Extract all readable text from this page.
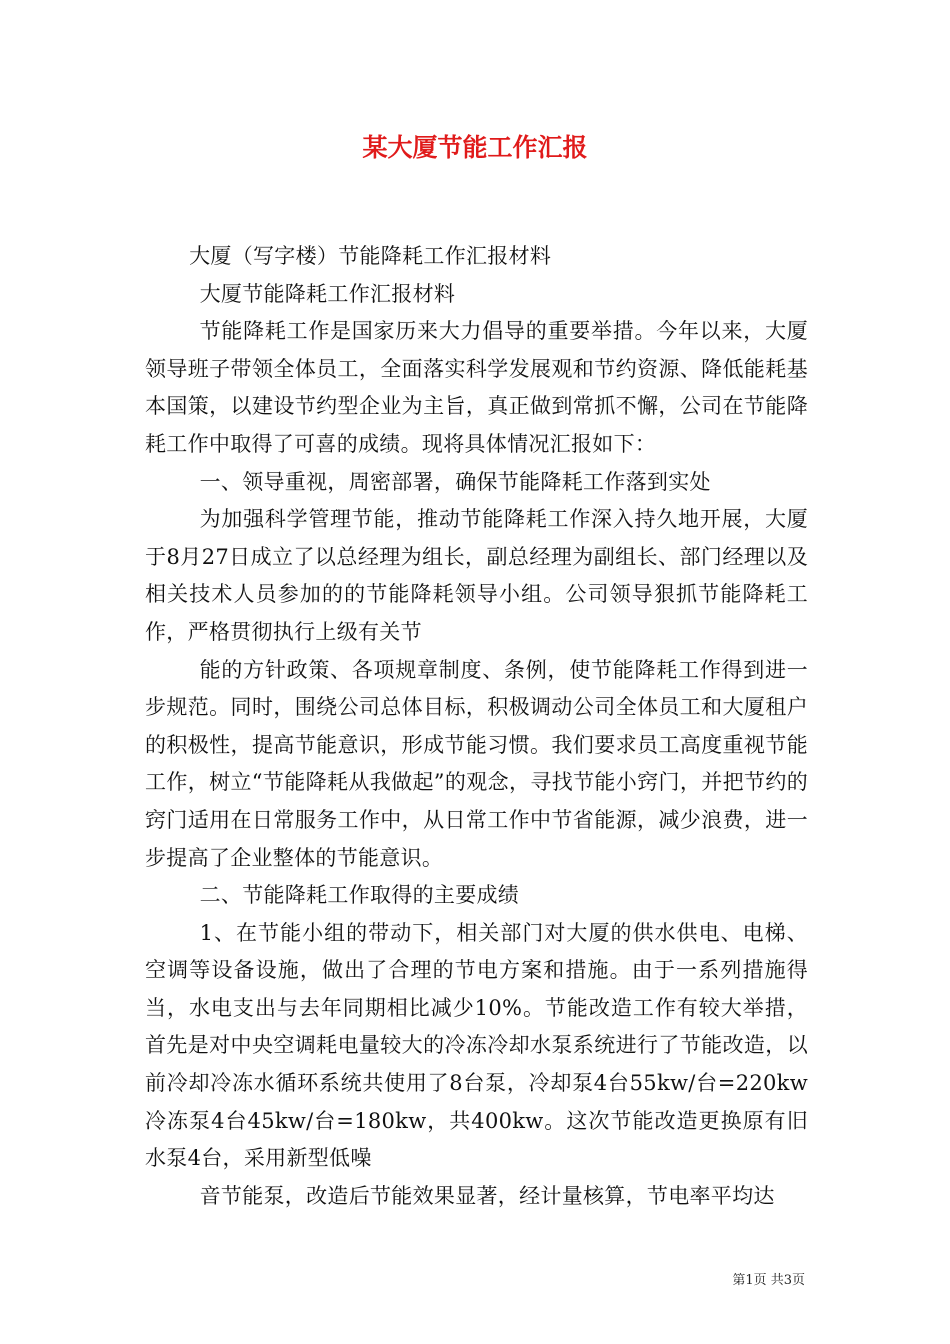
某大厦节能工作汇报

大厦（写字楼）节能降耗工作汇报材料

大厦节能降耗工作汇报材料

节能降耗工作是国家历来大力倡导的重要举措。今年以来，大厦领导班子带领全体员工，全面落实科学发展观和节约资源、降低能耗基本国策，以建设节约型企业为主旨，真正做到常抓不懈，公司在节能降耗工作中取得了可喜的成绩。现将具体情况汇报如下：

一、领导重视，周密部署，确保节能降耗工作落到实处

为加强科学管理节能，推动节能降耗工作深入持久地开展，大厦于8月27日成立了以总经理为组长，副总经理为副组长、部门经理以及相关技术人员参加的的节能降耗领导小组。公司领导狠抓节能降耗工作，严格贯彻执行上级有关节

能的方针政策、各项规章制度、条例，使节能降耗工作得到进一步规范。同时，围绕公司总体目标，积极调动公司全体员工和大厦租户的积极性，提高节能意识，形成节能习惯。我们要求员工高度重视节能工作，树立“节能降耗从我做起”的观念，寻找节能小窍门，并把节约的窍门适用在日常服务工作中，从日常工作中节省能源，减少浪费，进一步提高了企业整体的节能意识。

二、节能降耗工作取得的主要成绩

1、在节能小组的带动下，相关部门对大厦的供水供电、电梯、空调等设备设施，做出了合理的节电方案和措施。由于一系列措施得当，水电支出与去年同期相比减少10%。节能改造工作有较大举措，首先是对中央空调耗电量较大的冷冻冷却水泵系统进行了节能改造，以前冷却冷冻水循环系统共使用了8台泵，冷却泵4台55kw/台=220kw冷冻泵4台45kw/台=180kw，共400kw。这次节能改造更换原有旧水泵4台，采用新型低噪

音节能泵，改造后节能效果显著，经计量核算，节电率平均达

第1页 共3页
